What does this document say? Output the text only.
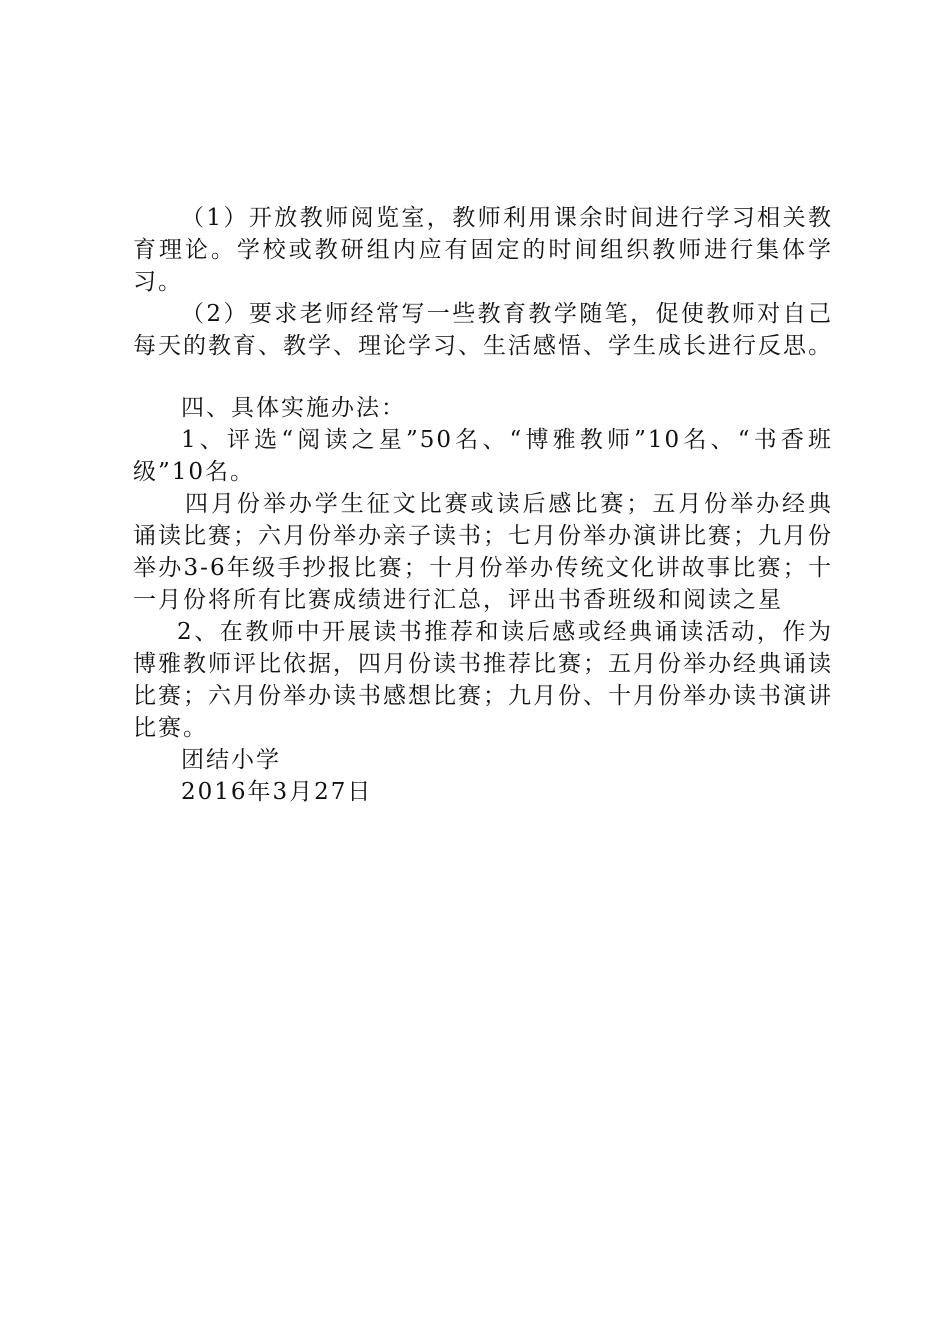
（1）开放教师阅览室，教师利用课余时间进行学习相关教育理论。学校或教研组内应有固定的时间组织教师进行集体学习。

（2）要求老师经常写一些教育教学随笔，促使教师对自己每天的教育、教学、理论学习、生活感悟、学生成长进行反思。

四、具体实施办法：

1、评选“阅读之星”50名、“博雅教师”10名、“书香班级”10名。

四月份举办学生征文比赛或读后感比赛；五月份举办经典诵读比赛；六月份举办亲子读书；七月份举办演讲比赛；九月份举办3-6年级手抄报比赛；十月份举办传统文化讲故事比赛；十一月份将所有比赛成绩进行汇总，评出书香班级和阅读之星

2、在教师中开展读书推荐和读后感或经典诵读活动，作为博雅教师评比依据，四月份读书推荐比赛；五月份举办经典诵读比赛；六月份举办读书感想比赛；九月份、十月份举办读书演讲比赛。

团结小学

2016年3月27日
